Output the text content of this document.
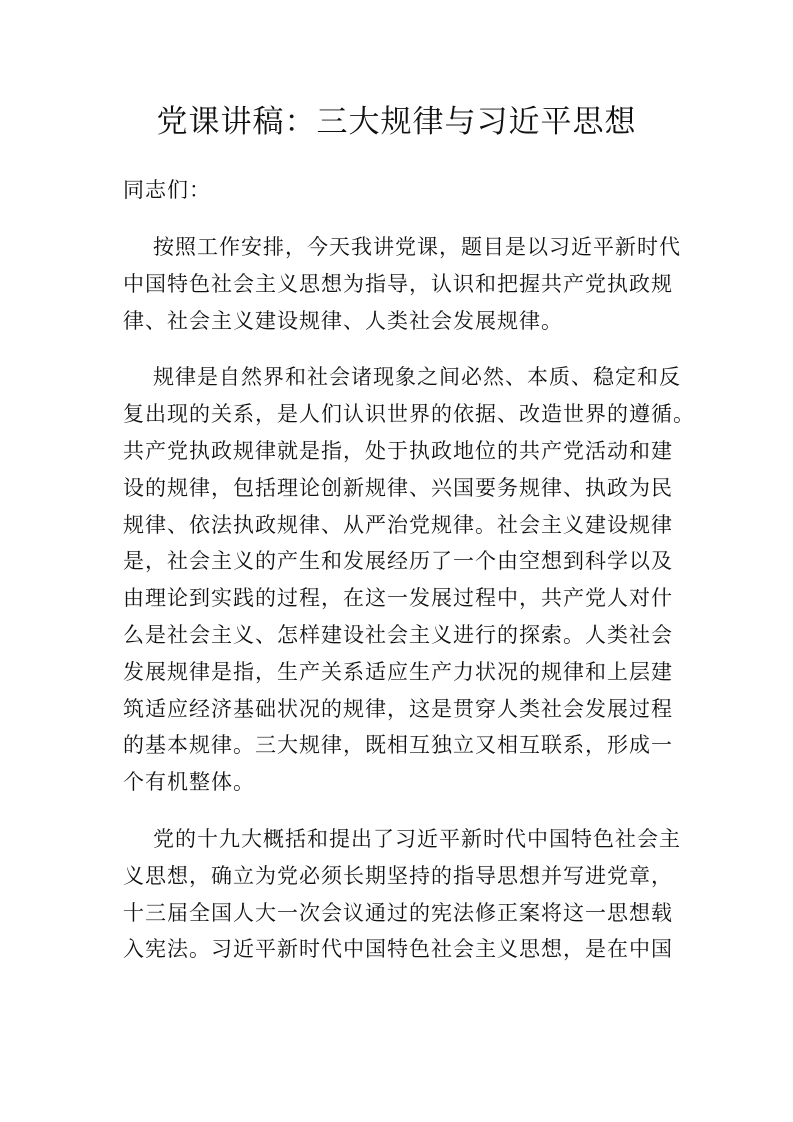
党课讲稿：三大规律与习近平思想

同志们：

按照工作安排，今天我讲党课，题目是以习近平新时代
中国特色社会主义思想为指导，认识和把握共产党执政规
律、社会主义建设规律、人类社会发展规律。

规律是自然界和社会诸现象之间必然、本质、稳定和反
复出现的关系，是人们认识世界的依据、改造世界的遵循。
共产党执政规律就是指，处于执政地位的共产党活动和建
设的规律，包括理论创新规律、兴国要务规律、执政为民
规律、依法执政规律、从严治党规律。社会主义建设规律
是，社会主义的产生和发展经历了一个由空想到科学以及
由理论到实践的过程，在这一发展过程中，共产党人对什
么是社会主义、怎样建设社会主义进行的探索。人类社会
发展规律是指，生产关系适应生产力状况的规律和上层建
筑适应经济基础状况的规律，这是贯穿人类社会发展过程
的基本规律。三大规律，既相互独立又相互联系，形成一
个有机整体。

党的十九大概括和提出了习近平新时代中国特色社会主
义思想，确立为党必须长期坚持的指导思想并写进党章，
十三届全国人大一次会议通过的宪法修正案将这一思想载
入宪法。习近平新时代中国特色社会主义思想，是在中国
